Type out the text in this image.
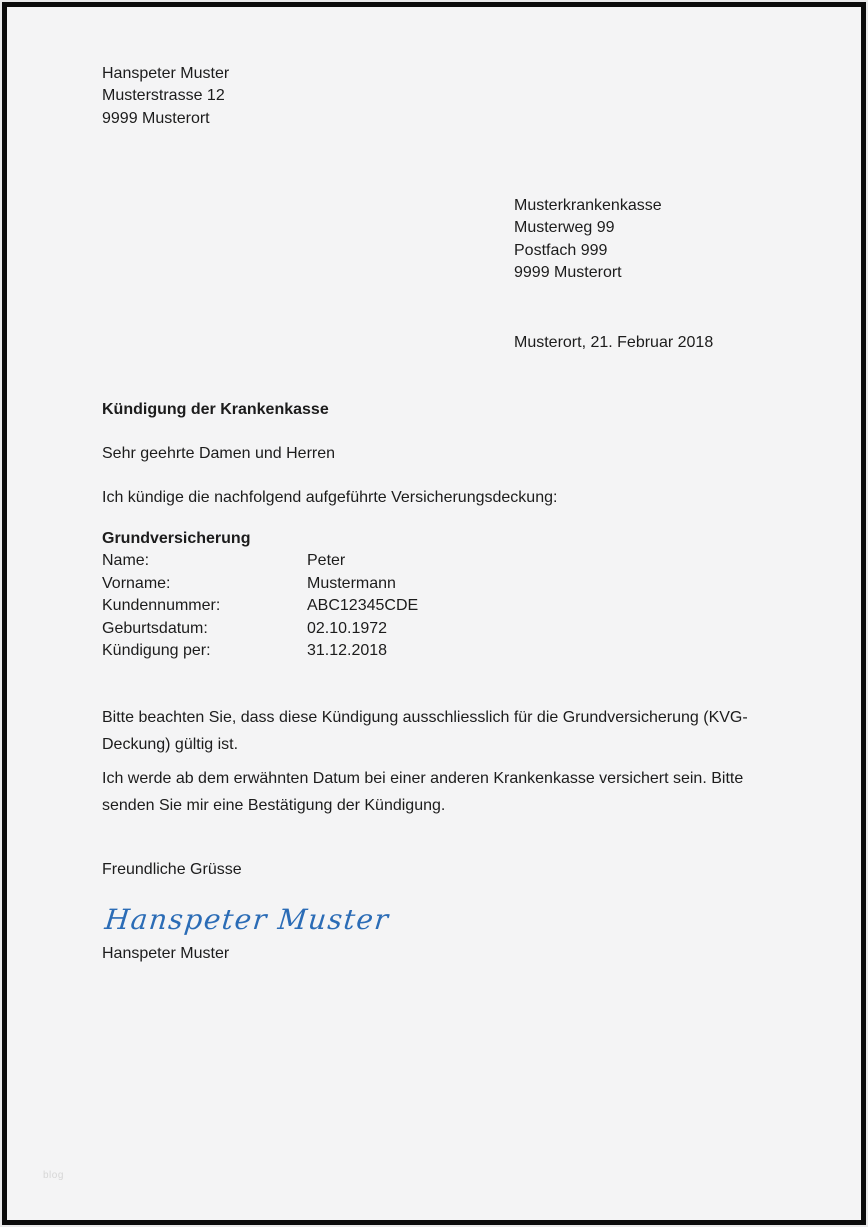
Hanspeter Muster
Musterstrasse 12
9999 Musterort
Musterkrankenkasse
Musterweg 99
Postfach 999
9999 Musterort
Musterort, 21. Februar 2018
Kündigung der Krankenkasse
Sehr geehrte Damen und Herren
Ich kündige die nachfolgend aufgeführte Versicherungsdeckung:
Grundversicherung
Name:	Peter
Vorname:	Mustermann
Kundennummer:	ABC12345CDE
Geburtsdatum:	02.10.1972
Kündigung per:	31.12.2018
Bitte beachten Sie, dass diese Kündigung ausschliesslich für die Grundversicherung (KVG-
Deckung) gültig ist.
Ich werde ab dem erwähnten Datum bei einer anderen Krankenkasse versichert sein. Bitte
senden Sie mir eine Bestätigung der Kündigung.
Freundliche Grüsse
Hanspeter Muster
Hanspeter Muster
blog
